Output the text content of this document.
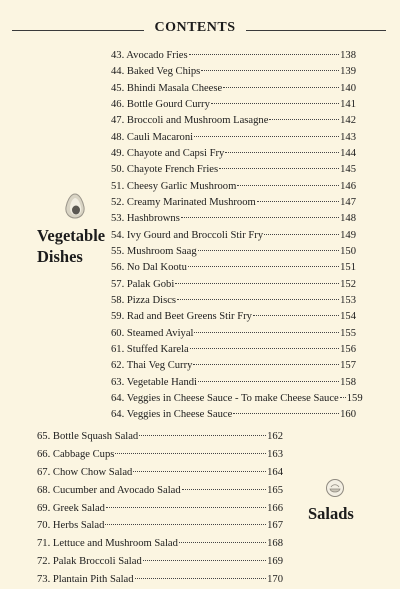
CONTENTS
Vegetable
Dishes
43. Avocado Fries	138
44. Baked Veg Chips	139
45. Bhindi Masala Cheese	140
46. Bottle Gourd Curry	141
47. Broccoli and Mushroom Lasagne	142
48. Cauli Macaroni	143
49. Chayote and Capsi Fry	144
50. Chayote French Fries	145
51. Cheesy Garlic Mushroom	146
52. Creamy Marinated Mushroom	147
53. Hashbrowns	148
54. Ivy Gourd and Broccoli Stir Fry	149
55. Mushroom Saag	150
56. No Dal Kootu	151
57. Palak Gobi	152
58. Pizza Discs	153
59. Rad and Beet Greens Stir Fry	154
60. Steamed Aviyal	155
61. Stuffed Karela	156
62. Thai Veg Curry	157
63. Vegetable Handi	158
64. Veggies in Cheese Sauce - To make Cheese Sauce 159
64. Veggies in Cheese Sauce	160
65. Bottle Squash Salad	162
66. Cabbage Cups	163
67. Chow Chow Salad	164
68. Cucumber and Avocado Salad	165
69. Greek Salad	166
70. Herbs Salad	167
71. Lettuce and Mushroom Salad	168
72. Palak Broccoli Salad	169
73. Plantain Pith Salad	170
Salads
